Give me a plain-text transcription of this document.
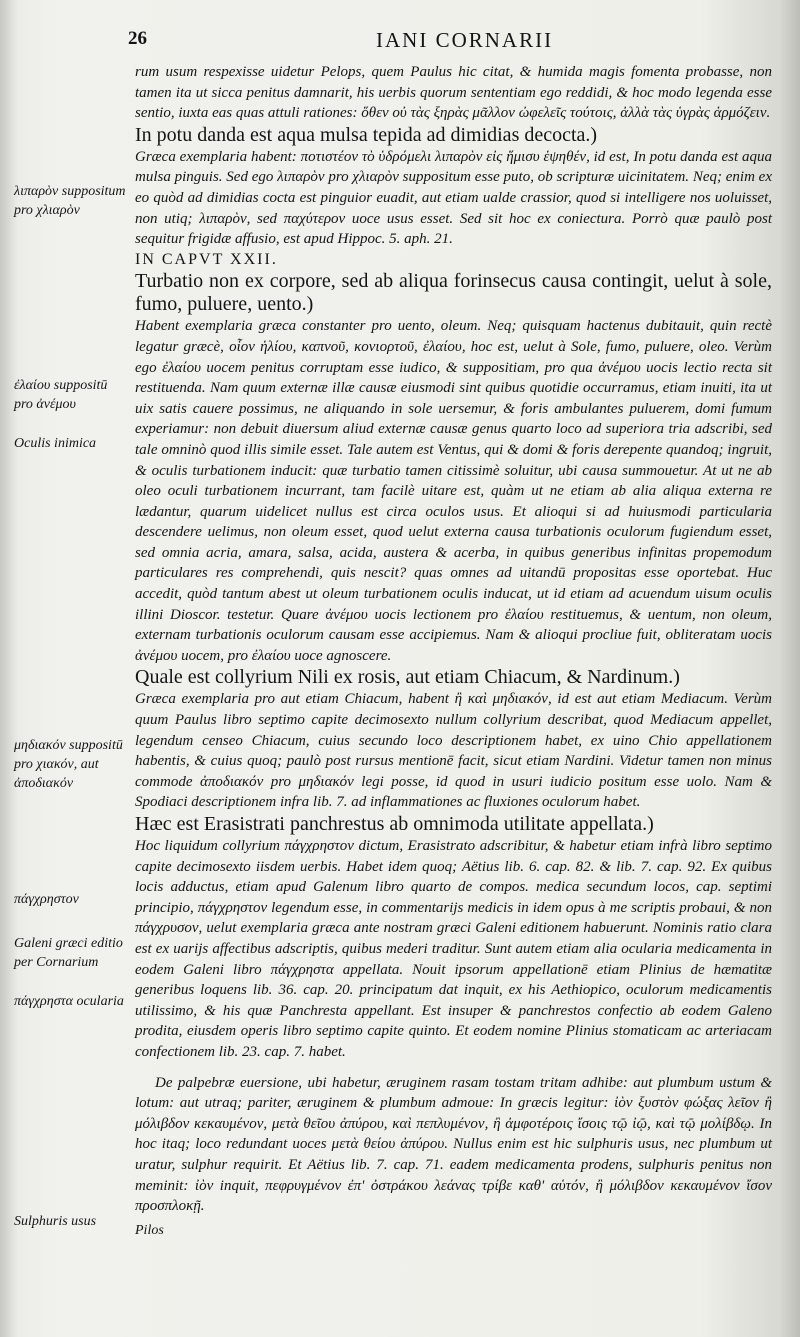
26	IANI CORNARII
λιπαρὸν suppositum pro χλιαρὸν
ἐλαίου suppositū pro ἀνέμου
Oculis inimica
μηδιακόν suppositū pro χιακόν, aut ἀποδιακόν
πάγχρηστον
Galeni græci editio per Cornarium
πάγχρηστα ocularia
Sulphuris usus

rum usum respexisse uidetur Pelops, quem Paulus hic citat, & humida magis fomenta probasse, non tamen ita ut sicca penitus damnarit, his uerbis quorum sententiam ego reddidi, & hoc modo legenda esse sentio, iuxta eas quas attuli rationes: ὅθεν οὐ τὰς ξηρὰς μᾶλλον ὠφελεῖς τούτοις, ἀλλὰ τὰς ὑγρὰς ἁρμόζειν.

In potu danda est aqua mulsa tepida ad dimidias decocta.)

Græca exemplaria habent: ποτιστέον τὸ ὑδρόμελι λιπαρὸν εἰς ἥμισυ ἑψηθέν, id est, In potu danda est aqua mulsa pinguis. Sed ego λιπαρὸν pro χλιαρὸν suppositum esse puto, ob scripturæ uicinitatem. Neq; enim ex eo quòd ad dimidias cocta est pinguior euadit, aut etiam ualde crassior, quod si intelligere nos uoluisset, non utiq; λιπαρὸν, sed παχύτερον uoce usus esset. Sed sit hoc ex coniectura. Porrò quæ paulò post sequitur frigidæ affusio, est apud Hippoc. 5. aph. 21.

IN CAPVT XXII.

Turbatio non ex corpore, sed ab aliqua forinsecus causa contingit, uelut à sole, fumo, puluere, uento.)

Habent exemplaria græca constanter pro uento, oleum. Neq; quisquam hactenus dubitauit, quin rectè legatur græcè, οἷον ἡλίου, καπνοῦ, κονιορτοῦ, ἐλαίου, hoc est, uelut à Sole, fumo, puluere, oleo. Verùm ego ἐλαίου uocem penitus corruptam esse iudico, & suppositiam, pro qua ἀνέμου uocis lectio recta sit restituenda. Nam quum externæ illæ causæ eiusmodi sint quibus quotidie occurramus, etiam inuiti, ita ut uix satis cauere possimus, ne aliquando in sole uersemur, & foris ambulantes puluerem, domi fumum experiamur: non debuit diuersum aliud externæ causæ genus quarto loco ad superiora tria adscribi, sed tale omninò quod illis simile esset. Tale autem est Ventus, qui & domi & foris derepente quandoq; ingruit, & oculis turbationem inducit: quæ turbatio tamen citissimè soluitur, ubi causa summouetur. At ut ne ab oleo oculi turbationem incurrant, tam facilè uitare est, quàm ut ne etiam ab alia aliqua externa re lædantur, quarum uidelicet nullus est circa oculos usus. Et alioqui si ad huiusmodi particularia descendere uelimus, non oleum esset, quod uelut externa causa turbationis oculorum fugiendum esset, sed omnia acria, amara, salsa, acida, austera & acerba, in quibus generibus infinitas propemodum particulares res comprehendi, quis nescit? quas omnes ad uitandū propositas esse oportebat. Huc accedit, quòd tantum abest ut oleum turbationem oculis inducat, ut id etiam ad acuendum uisum oculis illini Dioscor. testetur. Quare ἀνέμου uocis lectionem pro ἐλαίου restituemus, & uentum, non oleum, externam turbationis oculorum causam esse accipiemus. Nam & alioqui procliue fuit, obliteratam uocis ἀνέμου uocem, pro ἐλαίου uoce agnoscere.

Quale est collyrium Nili ex rosis, aut etiam Chiacum, & Nardinum.)

Græca exemplaria pro aut etiam Chiacum, habent ἢ καὶ μηδιακόν, id est aut etiam Mediacum. Verùm quum Paulus libro septimo capite decimosexto nullum collyrium describat, quod Mediacum appellet, legendum censeo Chiacum, cuius secundo loco descriptionem habet, ex uino Chio appellationem habentis, & cuius quoq; paulò post rursus mentionē facit, sicut etiam Nardini. Videtur tamen non minus commode ἀποδιακόν pro μηδιακόν legi posse, id quod in usuri iudicio positum esse uolo. Nam & Spodiaci descriptionem infra lib. 7. ad inflammationes ac fluxiones oculorum habet.

Hæc est Erasistrati panchrestus ab omnimoda utilitate appellata.)

Hoc liquidum collyrium πάγχρηστον dictum, Erasistrato adscribitur, & habetur etiam infrà libro septimo capite decimosexto iisdem uerbis. Habet idem quoq; Aëtius lib. 6. cap. 82. & lib. 7. cap. 92. Ex quibus locis adductus, etiam apud Galenum libro quarto de compos. medica secundum locos, cap. septimi principio, πάγχρηστον legendum esse, in commentarijs medicis in idem opus à me scriptis probaui, & non πάγχρυσον, uelut exemplaria græca ante nostram græci Galeni editionem habuerunt. Nominis ratio clara est ex uarijs affectibus adscriptis, quibus mederi traditur. Sunt autem etiam alia ocularia medicamenta in eodem Galeni libro πάγχρηστα appellata. Nouit ipsorum appellationē etiam Plinius de hæmatitæ generibus loquens lib. 36. cap. 20. principatum dat inquit, ex his Aethiopico, oculorum medicamentis utilissimo, & his quæ Panchresta appellant. Est insuper & panchrestos confectio ab eodem Galeno prodita, eiusdem operis libro septimo capite quinto. Et eodem nomine Plinius stomaticam ac arteriacam confectionem lib. 23. cap. 7. habet.

De palpebræ euersione, ubi habetur, æruginem rasam tostam tritam adhibe: aut plumbum ustum & lotum: aut utraq; pariter, æruginem & plumbum admoue: In græcis legitur: ἰὸν ξυστὸν φώξας λεῖον ἢ μόλιβδον κεκαυμένον, μετὰ θεῖου ἀπύρου, καὶ πεπλυμένον, ἢ ἀμφοτέροις ἴσοις τῷ ἰῷ, καὶ τῷ μολίβδῳ. In hoc itaq; loco redundant uoces μετὰ θείου ἀπύρου. Nullus enim est hic sulphuris usus, nec plumbum ut uratur, sulphur requirit. Et Aëtius lib. 7. cap. 71. eadem medicamenta prodens, sulphuris penitus non meminit: ἰὸν inquit, πεφρυγμένον ἐπ' ὀστράκου λεάνας τρίβε καθ' αὑτόν, ἢ μόλιβδον κεκαυμένον ἴσον προσπλοκῇ.

Pilos
